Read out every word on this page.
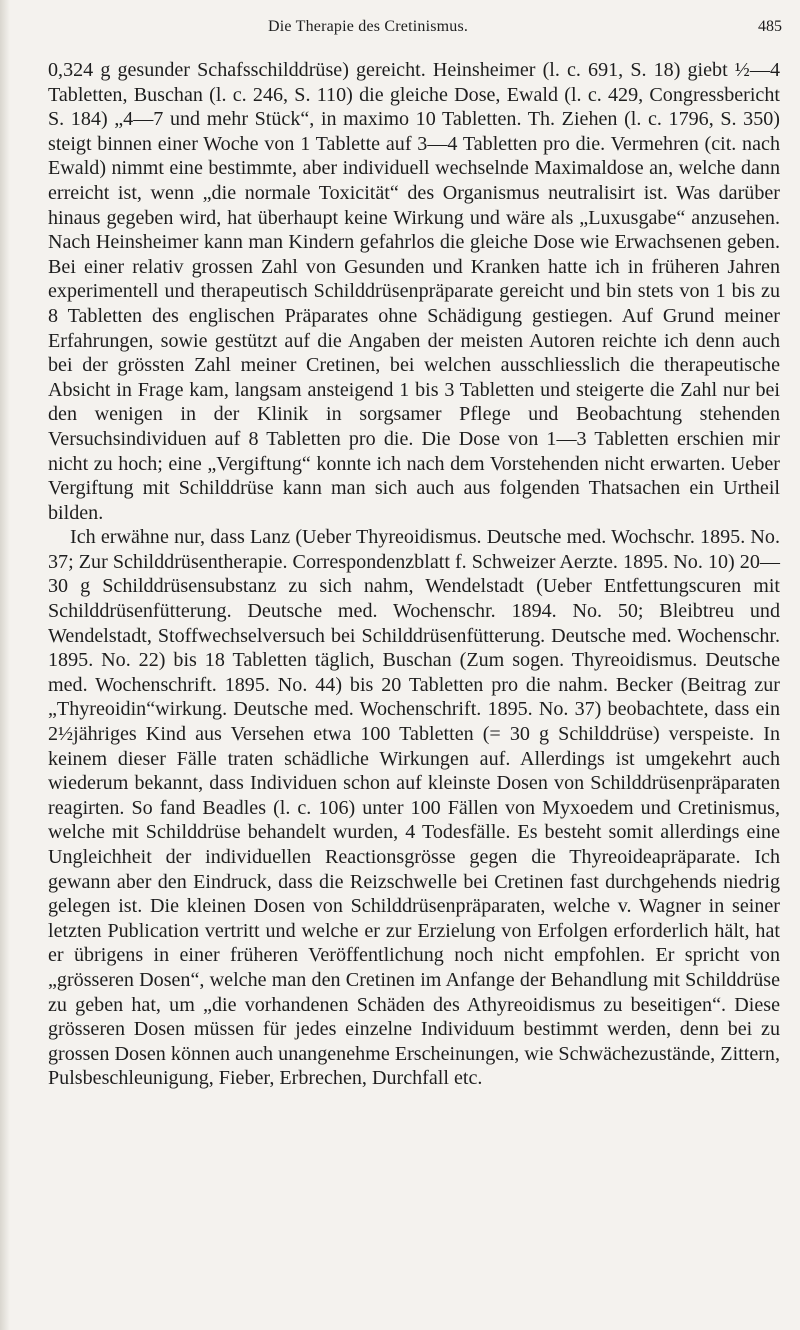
Die Therapie des Cretinismus.	485

0,324 g gesunder Schafsschilddrüse) gereicht. Heinsheimer (l. c. 691, S. 18) giebt ½—4 Tabletten, Buschan (l. c. 246, S. 110) die gleiche Dose, Ewald (l. c. 429, Congressbericht S. 184) „4—7 und mehr Stück“, in maximo 10 Tabletten. Th. Ziehen (l. c. 1796, S. 350) steigt binnen einer Woche von 1 Tablette auf 3—4 Tabletten pro die. Vermehren (cit. nach Ewald) nimmt eine bestimmte, aber individuell wechselnde Maximaldose an, welche dann erreicht ist, wenn „die normale Toxicität“ des Organismus neutralisirt ist. Was darüber hinaus gegeben wird, hat überhaupt keine Wirkung und wäre als „Luxusgabe“ anzusehen. Nach Heinsheimer kann man Kindern gefahrlos die gleiche Dose wie Erwachsenen geben. Bei einer relativ grossen Zahl von Gesunden und Kranken hatte ich in früheren Jahren experimentell und therapeutisch Schilddrüsenpräparate gereicht und bin stets von 1 bis zu 8 Tabletten des englischen Präparates ohne Schädigung gestiegen. Auf Grund meiner Erfahrungen, sowie gestützt auf die Angaben der meisten Autoren reichte ich denn auch bei der grössten Zahl meiner Cretinen, bei welchen ausschliesslich die therapeutische Absicht in Frage kam, langsam ansteigend 1 bis 3 Tabletten und steigerte die Zahl nur bei den wenigen in der Klinik in sorgsamer Pflege und Beobachtung stehenden Versuchsindividuen auf 8 Tabletten pro die. Die Dose von 1—3 Tabletten erschien mir nicht zu hoch; eine „Vergiftung“ konnte ich nach dem Vorstehenden nicht erwarten. Ueber Vergiftung mit Schilddrüse kann man sich auch aus folgenden Thatsachen ein Urtheil bilden.

Ich erwähne nur, dass Lanz (Ueber Thyreoidismus. Deutsche med. Wochschr. 1895. No. 37; Zur Schilddrüsentherapie. Correspondenzblatt f. Schweizer Aerzte. 1895. No. 10) 20—30 g Schilddrüsensubstanz zu sich nahm, Wendelstadt (Ueber Entfettungscuren mit Schilddrüsenfütterung. Deutsche med. Wochenschr. 1894. No. 50; Bleibtreu und Wendelstadt, Stoffwechselversuch bei Schilddrüsenfütterung. Deutsche med. Wochenschr. 1895. No. 22) bis 18 Tabletten täglich, Buschan (Zum sogen. Thyreoidismus. Deutsche med. Wochenschrift. 1895. No. 44) bis 20 Tabletten pro die nahm. Becker (Beitrag zur „Thyreoidin“wirkung. Deutsche med. Wochenschrift. 1895. No. 37) beobachtete, dass ein 2½jähriges Kind aus Versehen etwa 100 Tabletten (= 30 g Schilddrüse) verspeiste. In keinem dieser Fälle traten schädliche Wirkungen auf. Allerdings ist umgekehrt auch wiederum bekannt, dass Individuen schon auf kleinste Dosen von Schilddrüsenpräparaten reagirten. So fand Beadles (l. c. 106) unter 100 Fällen von Myxoedem und Cretinismus, welche mit Schilddrüse behandelt wurden, 4 Todesfälle. Es besteht somit allerdings eine Ungleichheit der individuellen Reactionsgrösse gegen die Thyreoideapräparate. Ich gewann aber den Eindruck, dass die Reizschwelle bei Cretinen fast durchgehends niedrig gelegen ist. Die kleinen Dosen von Schilddrüsenpräparaten, welche v. Wagner in seiner letzten Publication vertritt und welche er zur Erzielung von Erfolgen erforderlich hält, hat er übrigens in einer früheren Veröffentlichung noch nicht empfohlen. Er spricht von „grösseren Dosen“, welche man den Cretinen im Anfange der Behandlung mit Schilddrüse zu geben hat, um „die vorhandenen Schäden des Athyreoidismus zu beseitigen“. Diese grösseren Dosen müssen für jedes einzelne Individuum bestimmt werden, denn bei zu grossen Dosen können auch unangenehme Erscheinungen, wie Schwächezustände, Zittern, Pulsbeschleunigung, Fieber, Erbrechen, Durchfall etc.
